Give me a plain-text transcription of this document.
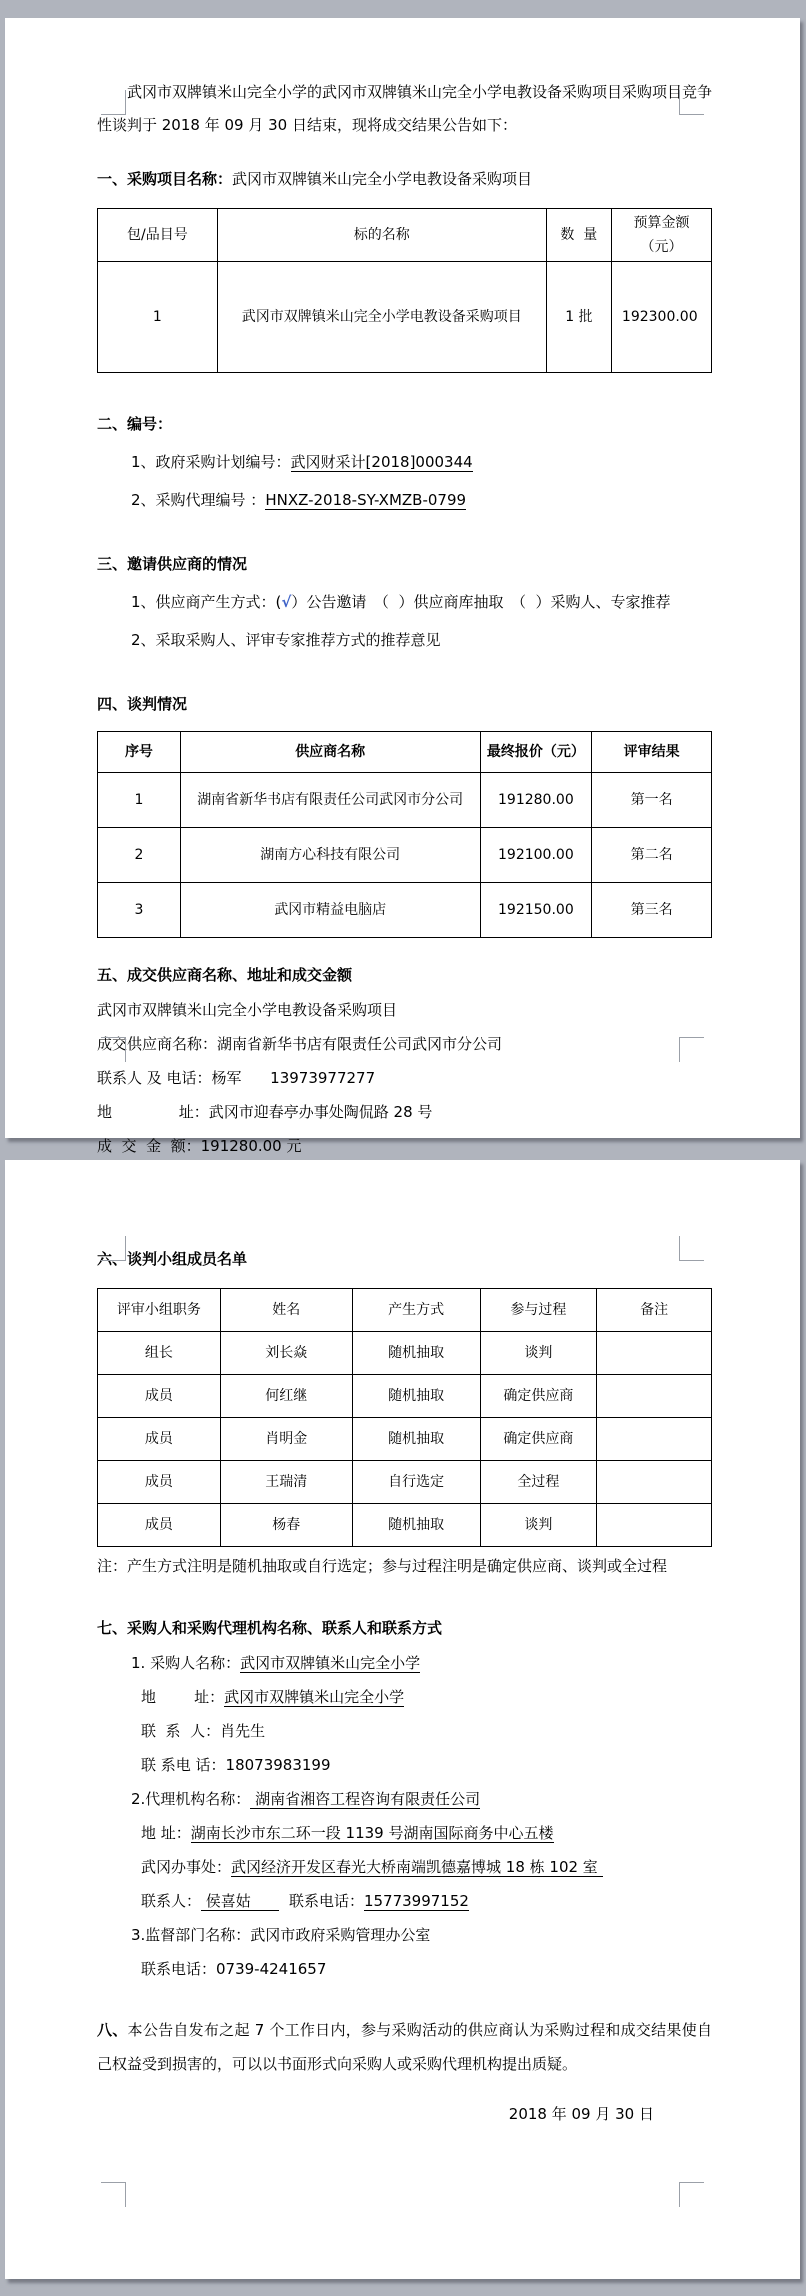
武冈市双牌镇米山完全小学的武冈市双牌镇米山完全小学电教设备采购项目采购项目竞争性谈判于 2018 年 09 月 30 日结束，现将成交结果公告如下：

一、采购项目名称：武冈市双牌镇米山完全小学电教设备采购项目

包/品目号	标的名称	数  量	预算金额（元）
1	武冈市双牌镇米山完全小学电教设备采购项目	1 批	192300.00

二、编号：

1、政府采购计划编号：武冈财采计[2018]000344

2、采购代理编号 ：HNXZ-2018-SY-XMZB-0799

三、邀请供应商的情况

1、供应商产生方式：(√）公告邀请　（  ）供应商库抽取　（  ）采购人、专家推荐

2、采取采购人、评审专家推荐方式的推荐意见

四、谈判情况

序号	供应商名称	最终报价（元）	评审结果
1	湖南省新华书店有限责任公司武冈市分公司	191280.00	第一名
2	湖南方心科技有限公司	192100.00	第二名
3	武冈市精益电脑店	192150.00	第三名

五、成交供应商名称、地址和成交金额

武冈市双牌镇米山完全小学电教设备采购项目

成交供应商名称：湖南省新华书店有限责任公司武冈市分公司

联系人 及 电话：杨军      13973977277

地              址：武冈市迎春亭办事处陶侃路 28 号

成  交  金  额：191280.00 元

六、谈判小组成员名单

评审小组职务	姓名	产生方式	参与过程	备注
组长	刘长焱	随机抽取	谈判	
成员	何红继	随机抽取	确定供应商	
成员	肖明金	随机抽取	确定供应商	
成员	王瑞清	自行选定	全过程	
成员	杨春	随机抽取	谈判	

注：产生方式注明是随机抽取或自行选定；参与过程注明是确定供应商、谈判或全过程

七、采购人和采购代理机构名称、联系人和联系方式

1. 采购人名称：武冈市双牌镇米山完全小学

地        址：武冈市双牌镇米山完全小学

联  系  人：肖先生

联 系电 话：18073983199

2.代理机构名称： 湖南省湘咨工程咨询有限责任公司

地 址：湖南长沙市东二环一段 1139 号湖南国际商务中心五楼

武冈办事处：武冈经济开发区春光大桥南端凯德嘉博城 18 栋 102 室

联系人： 侯喜姑        联系电话：15773997152

3.监督部门名称：武冈市政府采购管理办公室

联系电话：0739-4241657

八、本公告自发布之起 7 个工作日内，参与采购活动的供应商认为采购过程和成交结果使自己权益受到损害的，可以以书面形式向采购人或采购代理机构提出质疑。

2018 年 09 月 30 日
